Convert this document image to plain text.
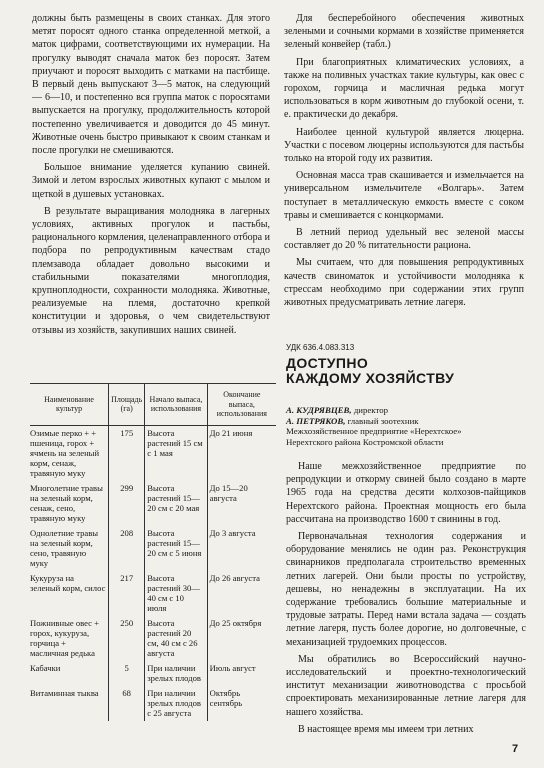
должны быть размещены в своих станках. Для этого метят поросят одного станка определенной меткой, а маток цифрами, соответствующими их нумерации. На прогулку выводят сначала маток без поросят. Затем приучают и поросят выходить с матками на пастбище. В первый день выпускают 3—5 маток, на следующий — 6—10, и постепенно вся группа маток с поросятами выпускается на прогулку, продолжительность которой постепенно увеличивается и доводится до 45 минут. Животные очень быстро привыкают к своим станкам и после прогулки не смешиваются.

Большое внимание уделяется купанию свиней. Зимой и летом взрослых животных купают с мылом и щеткой в душевых установках.

В результате выращивания молодняка в лагерных условиях, активных прогулок и пастьбы, рационального кормления, целенаправленного отбора и подбора по репродуктивным качествам стадо племзавода обладает довольно высокими и стабильными показателями многоплодия, крупноплодности, сохранности молодняка. Животные, реализуемые на племя, достаточно крепкой конституции и здоровья, о чем свидетельствуют отзывы из хозяйств, закупивших наших свиней.

Наименование культур	Площадь (га)	Начало выпаса, использования	Окончание выпаса, использования
Озимые перко + + пшеница, горох + ячмень на зеленый корм, сенаж, травяную муку	175	Высота растений 15 см с 1 мая	До 21 июня
Многолетние травы на зеленый корм, сенаж, сено, травяную муку	299	Высота растений 15—20 см с 20 мая	До 15—20 августа
Однолетние травы на зеленый корм, сено, травяную муку	208	Высота растений 15—20 см с 5 июня	До 3 августа
Кукуруза на зеленый корм, силос	217	Высота растений 30—40 см с 10 июля	До 26 августа
Пожнивные овес + горох, кукуруза, горчица + масличная редька	250	Высота растений 20 см, 40 см с 26 августа	До 25 октября
Кабачки	5	При наличии зрелых плодов	Июль август
Витаминная тыква	68	При наличии зрелых плодов с 25 августа	Октябрь сентябрь

Для бесперебойного обеспечения животных зелеными и сочными кормами в хозяйстве применяется зеленый конвейер (табл.)

При благоприятных климатических условиях, а также на поливных участках такие культуры, как овес с горохом, горчица и масличная редька могут использоваться в корм животным до глубокой осени, т. е. практически до декабря.

Наиболее ценной культурой является люцерна. Участки с посевом люцерны используются для пастьбы только на второй году их развития.

Основная масса трав скашивается и измельчается на универсальном измельчителе «Волгарь». Затем поступает в металлическую емкость вместе с соком травы и смешивается с концкормами.

В летний период удельный вес зеленой массы составляет до 20 % питательности рациона.

Мы считаем, что для повышения репродуктивных качеств свиноматок и устойчивости молодняка к стрессам необходимо при содержании этих групп животных предусматривать летние лагеря.

УДК 636.4.083.313
ДОСТУПНО
КАЖДОМУ ХОЗЯЙСТВУ
А. КУДРЯВЦЕВ, директор
А. ПЕТРЯКОВ, главный зоотехник
Межхозяйственное предприятие «Нерехтское»
Нерехтского района Костромской области

Наше межхозяйственное предприятие по репродукции и откорму свиней было создано в марте 1965 года на средства десяти колхозов-пайщиков Нерехтского района. Проектная мощность его была рассчитана на производство 1600 т свинины в год.

Первоначальная технология содержания и оборудование менялись не один раз. Реконструкция свинарников предполагала строительство временных летних лагерей. Они были просты по устройству, дешевы, но ненадежны в эксплуатации. На их содержание требовались большие материальные и трудовые затраты. Перед нами встала задача — создать летние лагеря, пусть более дорогие, но долговечные, с механизацией трудоемких процессов.

Мы обратились во Всероссийский научно-исследовательский и проектно-технологический институт механизации животноводства с просьбой спроектировать механизированные летние лагеря для нашего хозяйства.

В настоящее время мы имеем три летних

7
